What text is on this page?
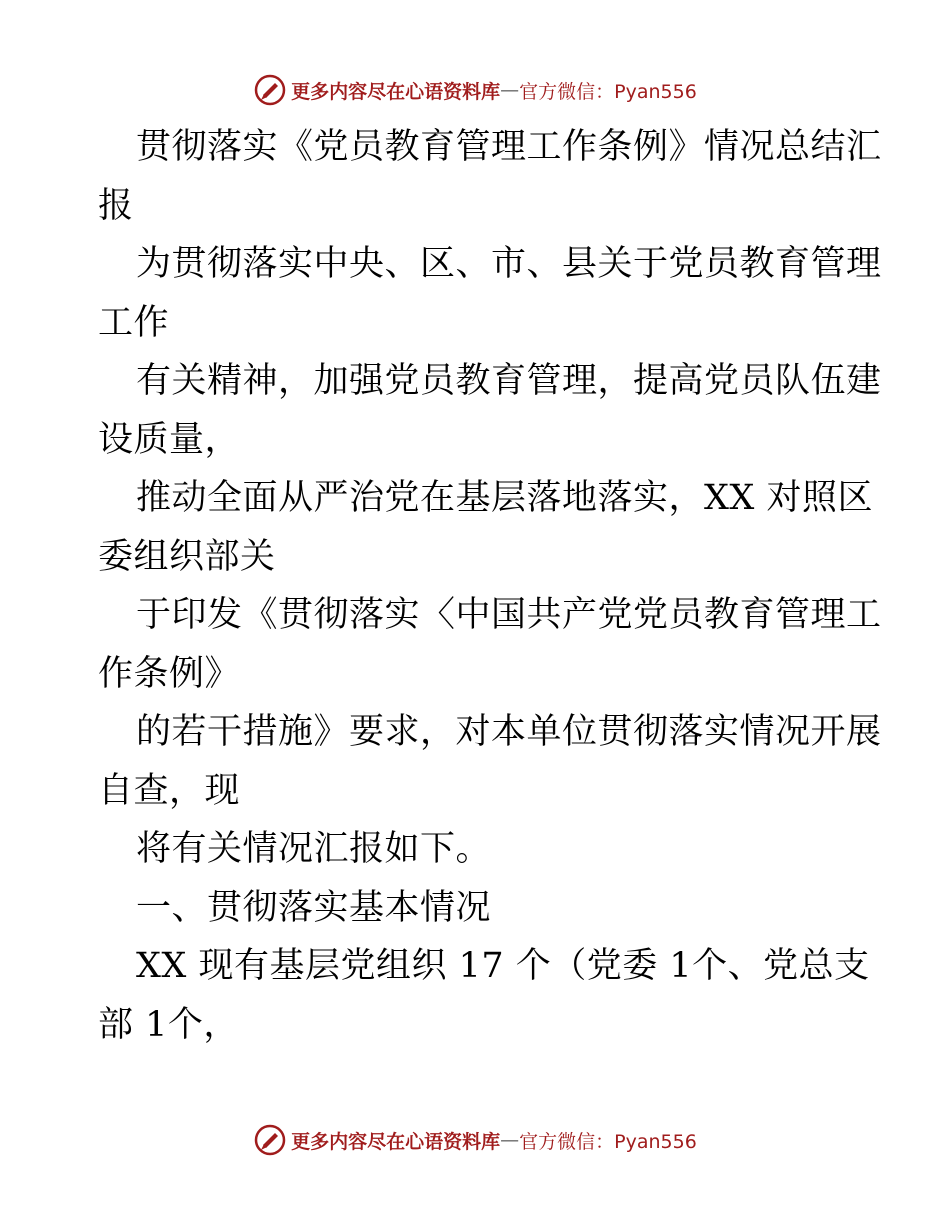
更多内容尽在心语资料库 — 官方微信：Pyan556

贯彻落实《党员教育管理工作条例》情况总结汇

报

为贯彻落实中央、区、市、县关于党员教育管理

工作

有关精神，加强党员教育管理，提高党员队伍建

设质量，

推动全面从严治党在基层落地落实，XX 对照区

委组织部关

于印发《贯彻落实〈中国共产党党员教育管理工

作条例》

的若干措施》要求，对本单位贯彻落实情况开展

自查，现

将有关情况汇报如下。

一、贯彻落实基本情况

XX 现有基层党组织 17 个（党委 1个、党总支

部 1个，

更多内容尽在心语资料库 — 官方微信：Pyan556
